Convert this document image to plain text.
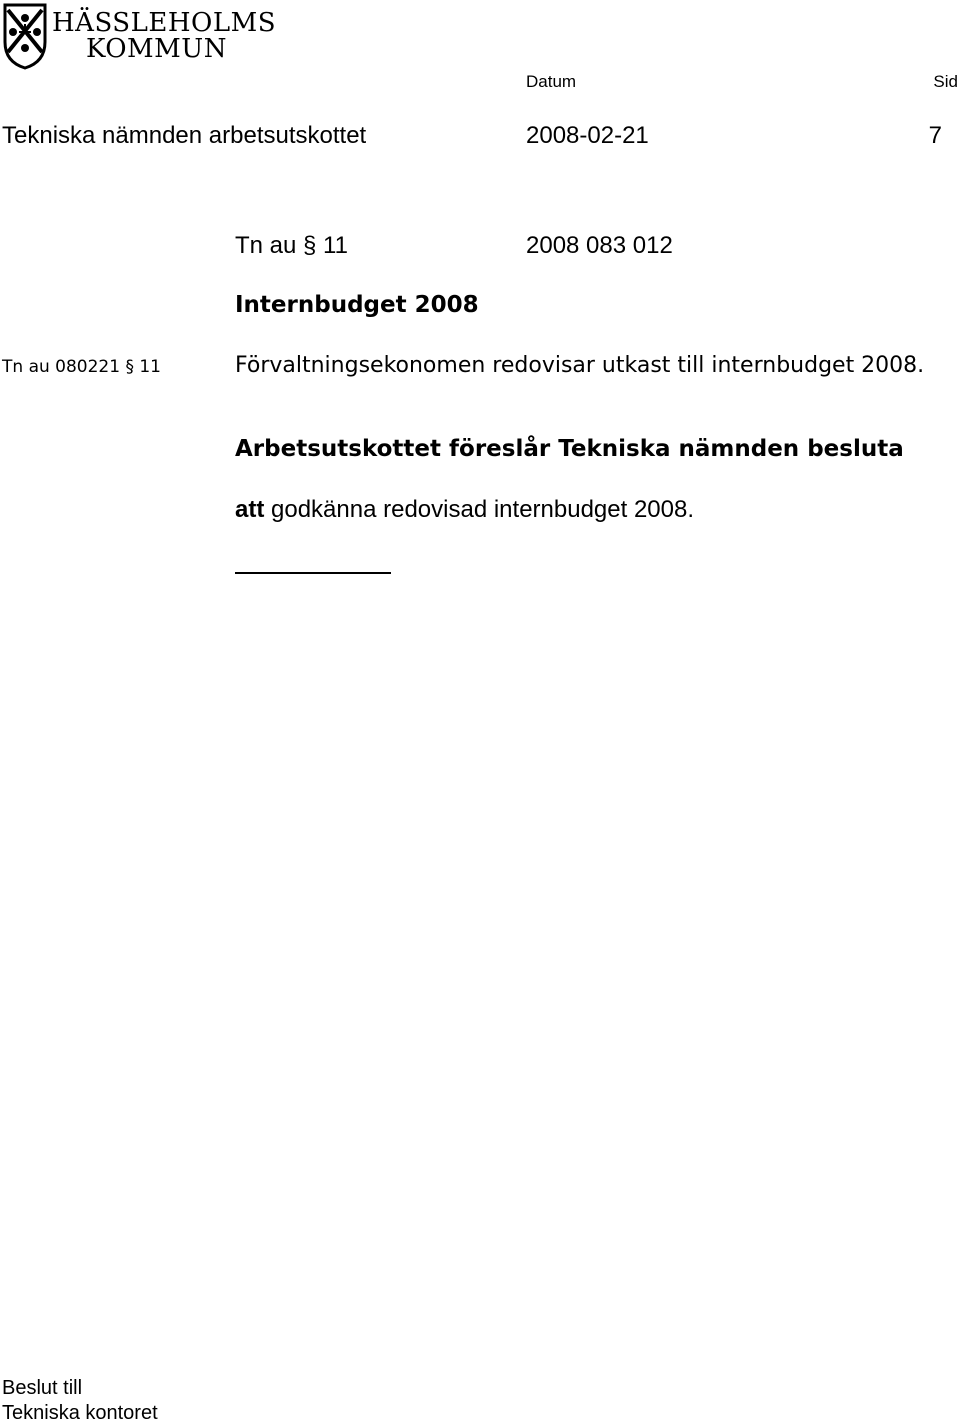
HÄSSLEHOLMS
KOMMUN
Datum	Sid
Tekniska nämnden arbetsutskottet	2008-02-21	7
Tn au § 11	2008 083 012
Internbudget 2008
Tn au 080221 § 11	Förvaltningsekonomen redovisar utkast till internbudget 2008.
Arbetsutskottet föreslår Tekniska nämnden besluta
att godkänna redovisad internbudget 2008.
Beslut till
Tekniska kontoret
